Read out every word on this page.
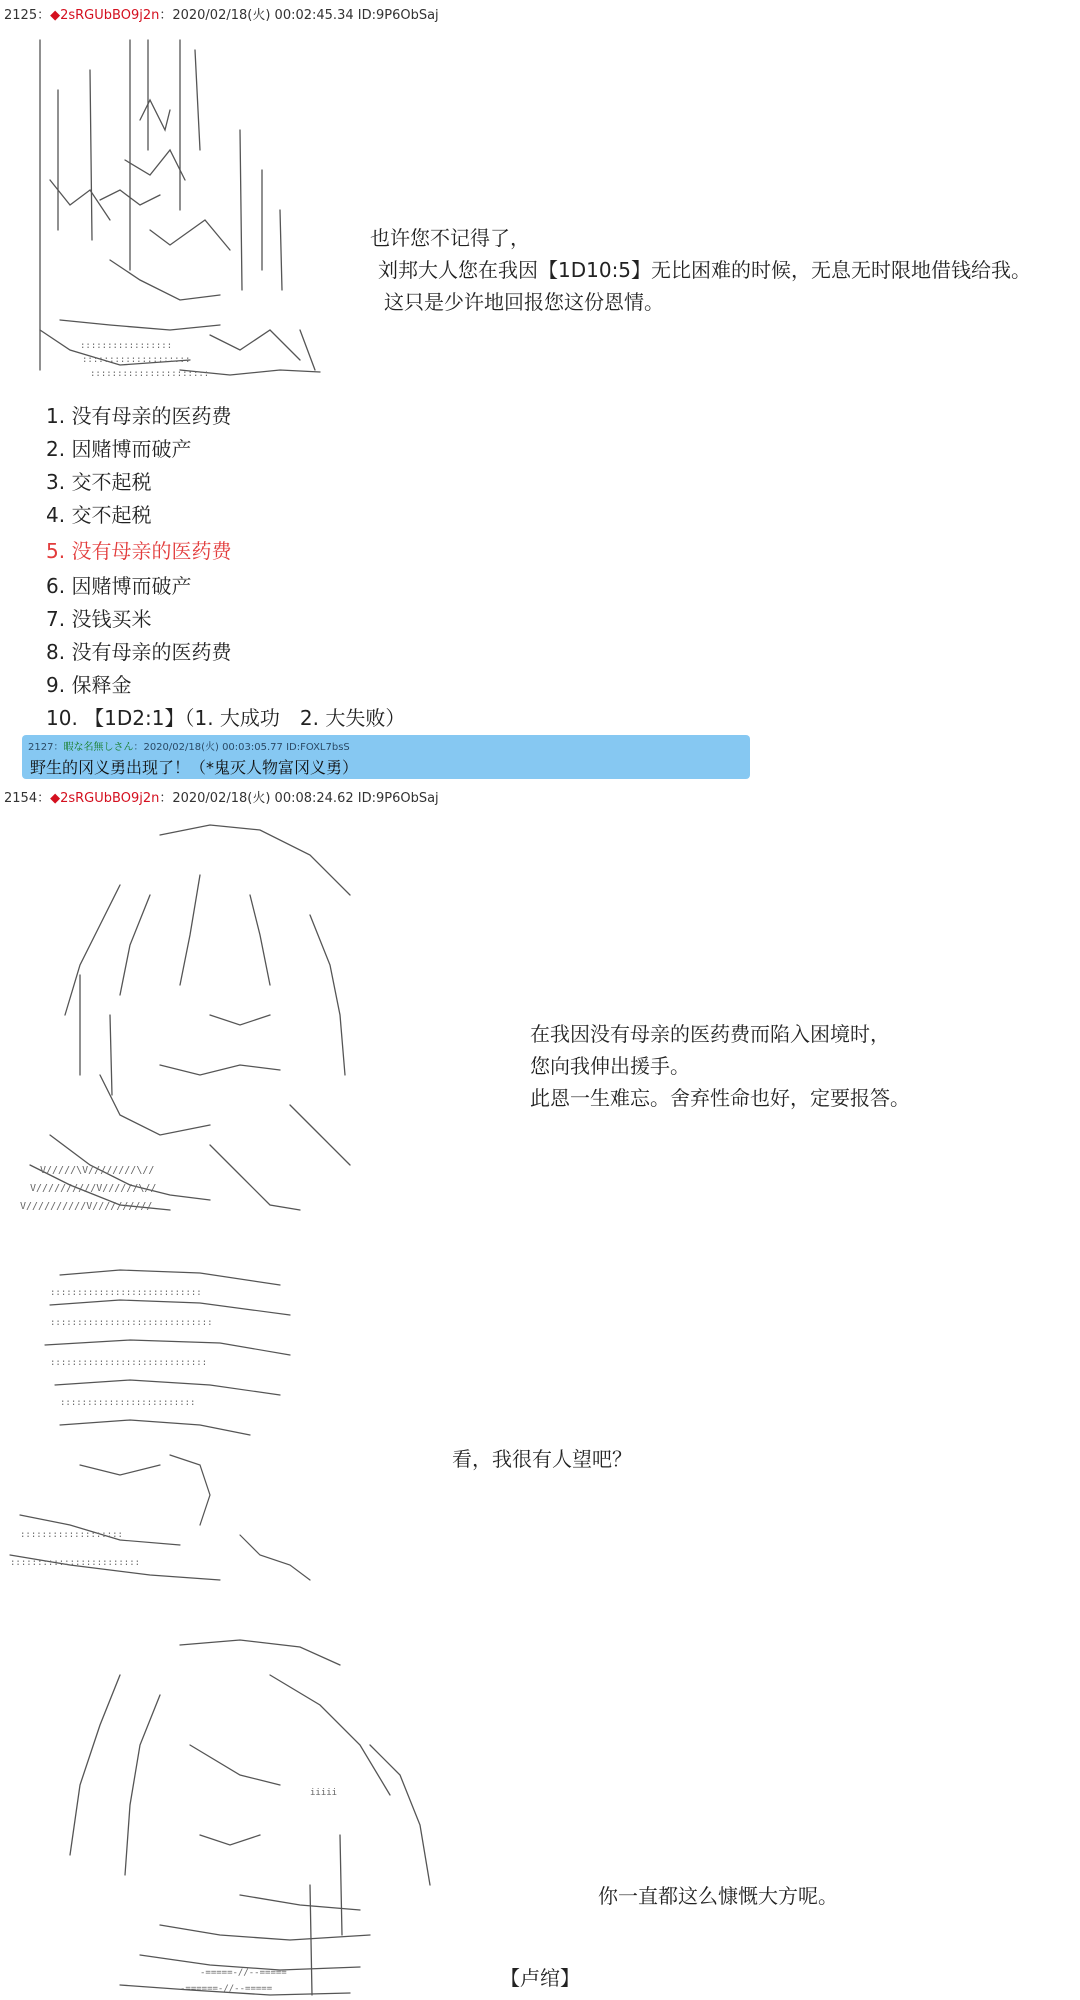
2125：◆2sRGUbBO9j2n：2020/02/18(火) 00:02:45.34 ID:9P6ObSaj
:::::::::::::::::
::::::::::::::::::::
::::::::::::::::::::::
也许您不记得了，
刘邦大人您在我因【1D10:5】无比困难的时候，无息无时限地借钱给我。
这只是少许地回报您这份恩情。
1. 没有母亲的医药费
2. 因赌博而破产
3. 交不起税
4. 交不起税
5. 没有母亲的医药费
6. 因赌博而破产
7. 没钱买米
8. 没有母亲的医药费
9. 保释金
10. 【1D2:1】（1. 大成功　2. 大失败）
2127：暇な名無しさん：2020/02/18(火) 00:03:05.77 ID:FOXL7bsS
野生的冈义勇出现了！（*鬼灭人物富冈义勇）
2154：◆2sRGUbBO9j2n：2020/02/18(火) 00:08:24.62 ID:9P6ObSaj
V/////\V////////\//
V//////////V//////\//
V//////////V//////////
在我因没有母亲的医药费而陷入困境时，
您向我伸出援手。
此恩一生难忘。舍弃性命也好，定要报答。
::::::::::::::::::::::::::::
::::::::::::::::::::::::::::::
:::::::::::::::::::::::::::::
:::::::::::::::::::::::::
:::::::::::::::::::
::::::::::::::::::::::::
看，我很有人望吧？
iiiii
-=====-//--=====
-======-//--=====
你一直都这么慷慨大方呢。
【卢绾】
